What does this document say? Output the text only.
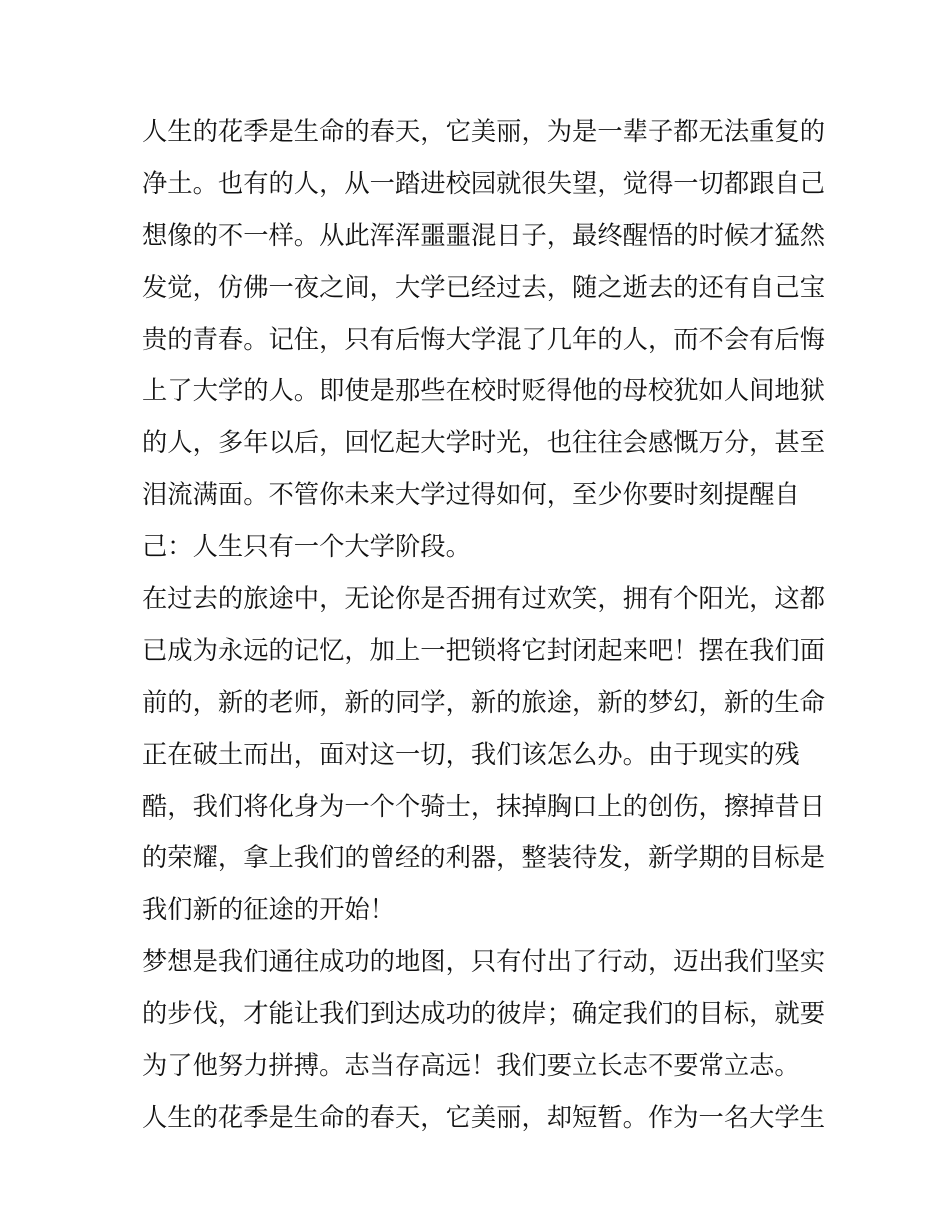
人生的花季是生命的春天，它美丽，为是一辈子都无法重复的
净土。也有的人，从一踏进校园就很失望，觉得一切都跟自己
想像的不一样。从此浑浑噩噩混日子，最终醒悟的时候才猛然
发觉，仿佛一夜之间，大学已经过去，随之逝去的还有自己宝
贵的青春。记住，只有后悔大学混了几年的人，而不会有后悔
上了大学的人。即使是那些在校时贬得他的母校犹如人间地狱
的人，多年以后，回忆起大学时光，也往往会感慨万分，甚至
泪流满面。不管你未来大学过得如何，至少你要时刻提醒自
己：人生只有一个大学阶段。
在过去的旅途中，无论你是否拥有过欢笑，拥有个阳光，这都
已成为永远的记忆，加上一把锁将它封闭起来吧！摆在我们面
前的，新的老师，新的同学，新的旅途，新的梦幻，新的生命
正在破土而出，面对这一切，我们该怎么办。由于现实的残
酷，我们将化身为一个个骑士，抹掉胸口上的创伤，擦掉昔日
的荣耀，拿上我们的曾经的利器，整装待发，新学期的目标是
我们新的征途的开始！
梦想是我们通往成功的地图，只有付出了行动，迈出我们坚实
的步伐，才能让我们到达成功的彼岸；确定我们的目标，就要
为了他努力拼搏。志当存高远！我们要立长志不要常立志。
人生的花季是生命的春天，它美丽，却短暂。作为一名大学生
